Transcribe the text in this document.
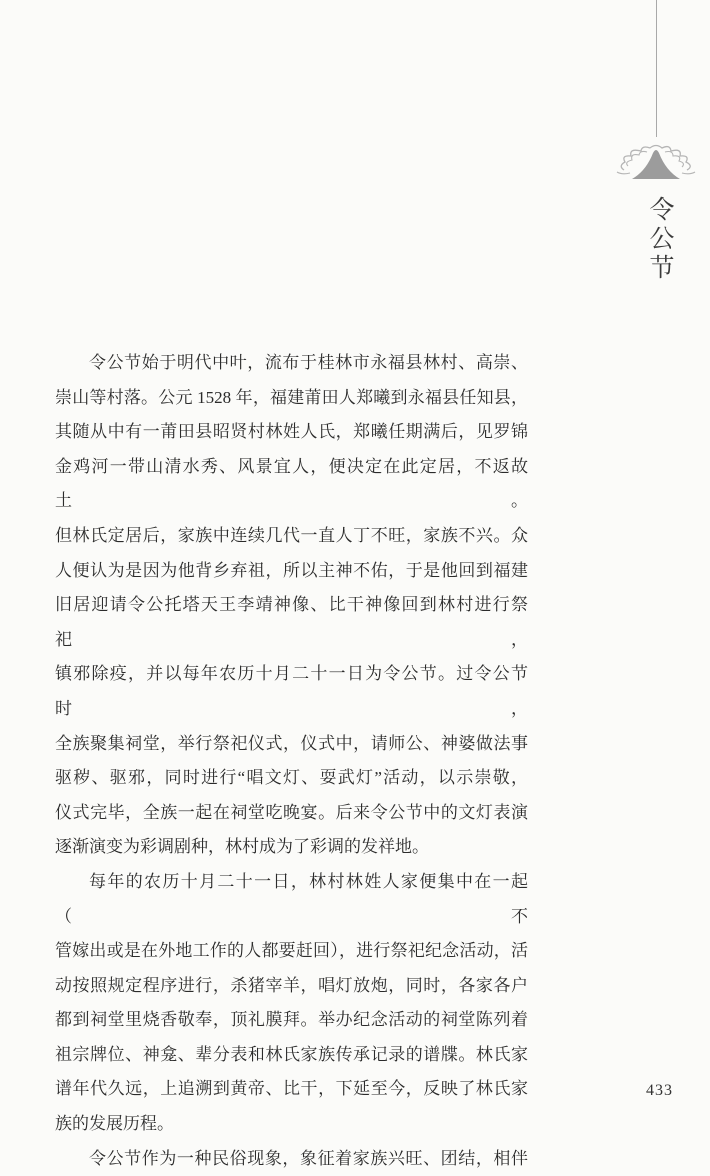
令公节
令公节始于明代中叶，流布于桂林市永福县林村、高崇、
崇山等村落。公元 1528 年，福建莆田人郑曦到永福县任知县，
其随从中有一莆田县昭贤村林姓人氏，郑曦任期满后，见罗锦
金鸡河一带山清水秀、风景宜人，便决定在此定居，不返故土。
但林氏定居后，家族中连续几代一直人丁不旺，家族不兴。众
人便认为是因为他背乡弃祖，所以主神不佑，于是他回到福建
旧居迎请令公托塔天王李靖神像、比干神像回到林村进行祭祀，
镇邪除疫，并以每年农历十月二十一日为令公节。过令公节时，
全族聚集祠堂，举行祭祀仪式，仪式中，请师公、神婆做法事
驱秽、驱邪，同时进行“唱文灯、耍武灯”活动，以示崇敬，
仪式完毕，全族一起在祠堂吃晚宴。后来令公节中的文灯表演
逐渐演变为彩调剧种，林村成为了彩调的发祥地。
每年的农历十月二十一日，林村林姓人家便集中在一起（不
管嫁出或是在外地工作的人都要赶回），进行祭祀纪念活动，活
动按照规定程序进行，杀猪宰羊，唱灯放炮，同时，各家各户
都到祠堂里烧香敬奉，顶礼膜拜。举办纪念活动的祠堂陈列着
祖宗牌位、神龛、辈分表和林氏家族传承记录的谱牒。林氏家
谱年代久远，上追溯到黄帝、比干，下延至今，反映了林氏家
族的发展历程。
令公节作为一种民俗现象，象征着家族兴旺、团结，相伴
433
